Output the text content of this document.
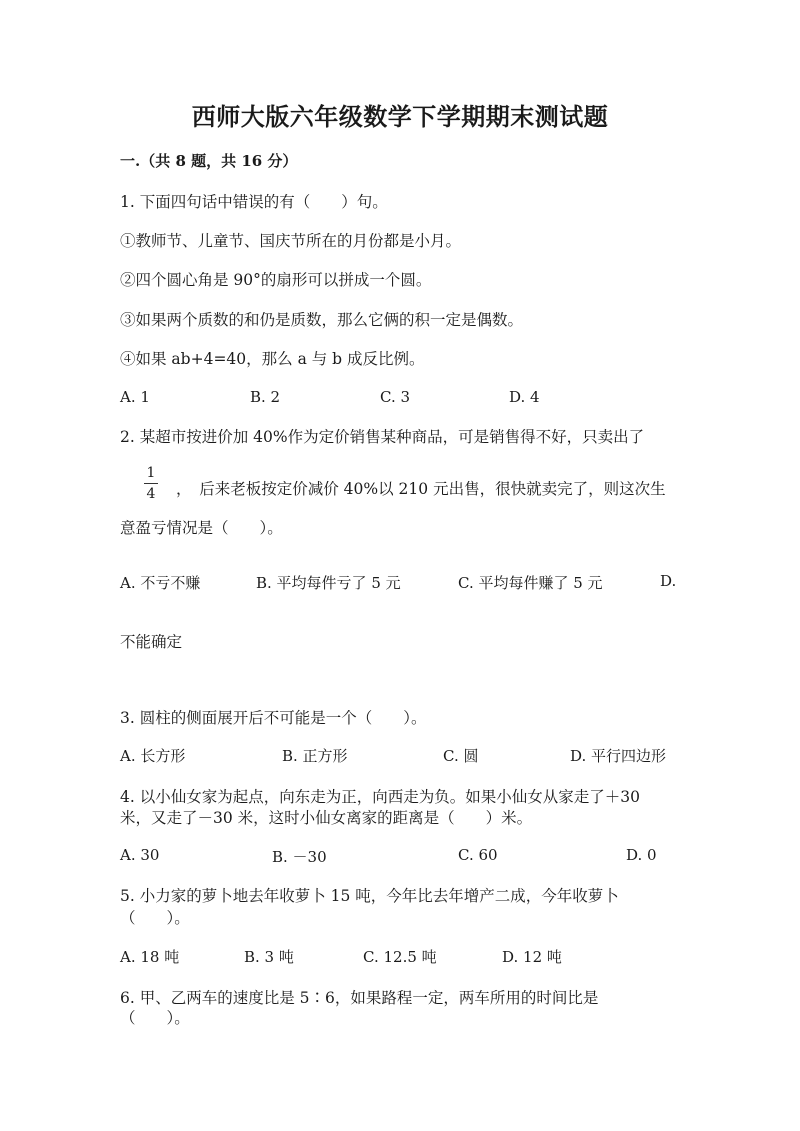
西师大版六年级数学下学期期末测试题
一.（共 8 题，共 16 分）
1. 下面四句话中错误的有（　　）句。
①教师节、儿童节、国庆节所在的月份都是小月。
②四个圆心角是 90°的扇形可以拼成一个圆。
③如果两个质数的和仍是质数，那么它俩的积一定是偶数。
④如果 ab+4=40，那么 a 与 b 成反比例。
A. 1	B. 2	C. 3	D. 4
2. 某超市按进价加 40%作为定价销售某种商品，可是销售得不好，只卖出了
1
4 ，　后来老板按定价减价 40%以 210 元出售，很快就卖完了，则这次生
意盈亏情况是（　　）。
A. 不亏不赚	B. 平均每件亏了 5 元	C. 平均每件赚了 5 元	D.
不能确定
3. 圆柱的侧面展开后不可能是一个（　　）。
A. 长方形	B. 正方形	C. 圆	D. 平行四边形
4. 以小仙女家为起点，向东走为正，向西走为负。如果小仙女从家走了＋30
米，又走了－30 米，这时小仙女离家的距离是（　　）米。
A. 30	B. －30	C. 60	D. 0
5. 小力家的萝卜地去年收萝卜 15 吨，今年比去年增产二成，今年收萝卜
（　　）。
A. 18 吨	B. 3 吨	C. 12.5 吨	D. 12 吨
6. 甲、乙两车的速度比是 5∶6，如果路程一定，两车所用的时间比是
（　　）。
